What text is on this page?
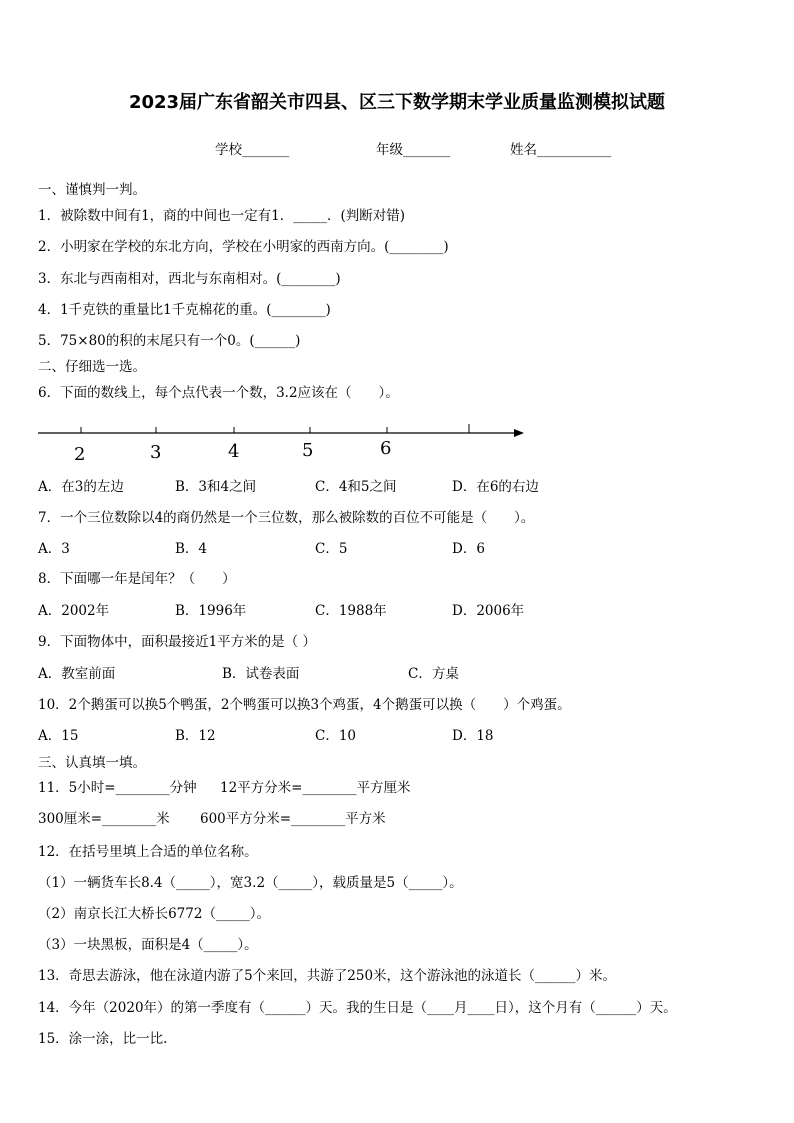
2023届广东省韶关市四县、区三下数学期末学业质量监测模拟试题
学校_______	年级_______	姓名___________
一、谨慎判一判。
1．被除数中间有1，商的中间也一定有1．_____．(判断对错)
2．小明家在学校的东北方向，学校在小明家的西南方向。(________)
3．东北与西南相对，西北与东南相对。(________)
4．1千克铁的重量比1千克棉花的重。(________)
5．75×80的积的末尾只有一个0。(______)
二、仔细选一选。
6．下面的数线上，每个点代表一个数，3.2应该在（　　）。
2	3	4	5	6
A．在3的左边	B．3和4之间	C．4和5之间	D．在6的右边
7．一个三位数除以4的商仍然是一个三位数，那么被除数的百位不可能是（　　）。
A．3	B．4	C．5	D．6
8．下面哪一年是闰年？（　　）
A．2002年	B．1996年	C．1988年	D．2006年
9．下面物体中，面积最接近1平方米的是（ ）
A．教室前面	B．试卷表面	C．方桌
10．2个鹅蛋可以换5个鸭蛋，2个鸭蛋可以换3个鸡蛋，4个鹅蛋可以换（　　）个鸡蛋。
A．15	B．12	C．10	D．18
三、认真填一填。
11．5小时=________分钟 12平方分米=________平方厘米
300厘米=________米 600平方分米=________平方米
12．在括号里填上合适的单位名称。
（1）一辆货车长8.4（_____），宽3.2（_____），载质量是5（_____）。
（2）南京长江大桥长6772（_____）。
（3）一块黑板，面积是4（_____）。
13．奇思去游泳，他在泳道内游了5个来回，共游了250米，这个游泳池的泳道长（______）米。
14．今年（2020年）的第一季度有（______）天。我的生日是（____月____日），这个月有（______）天。
15．涂一涂，比一比.
